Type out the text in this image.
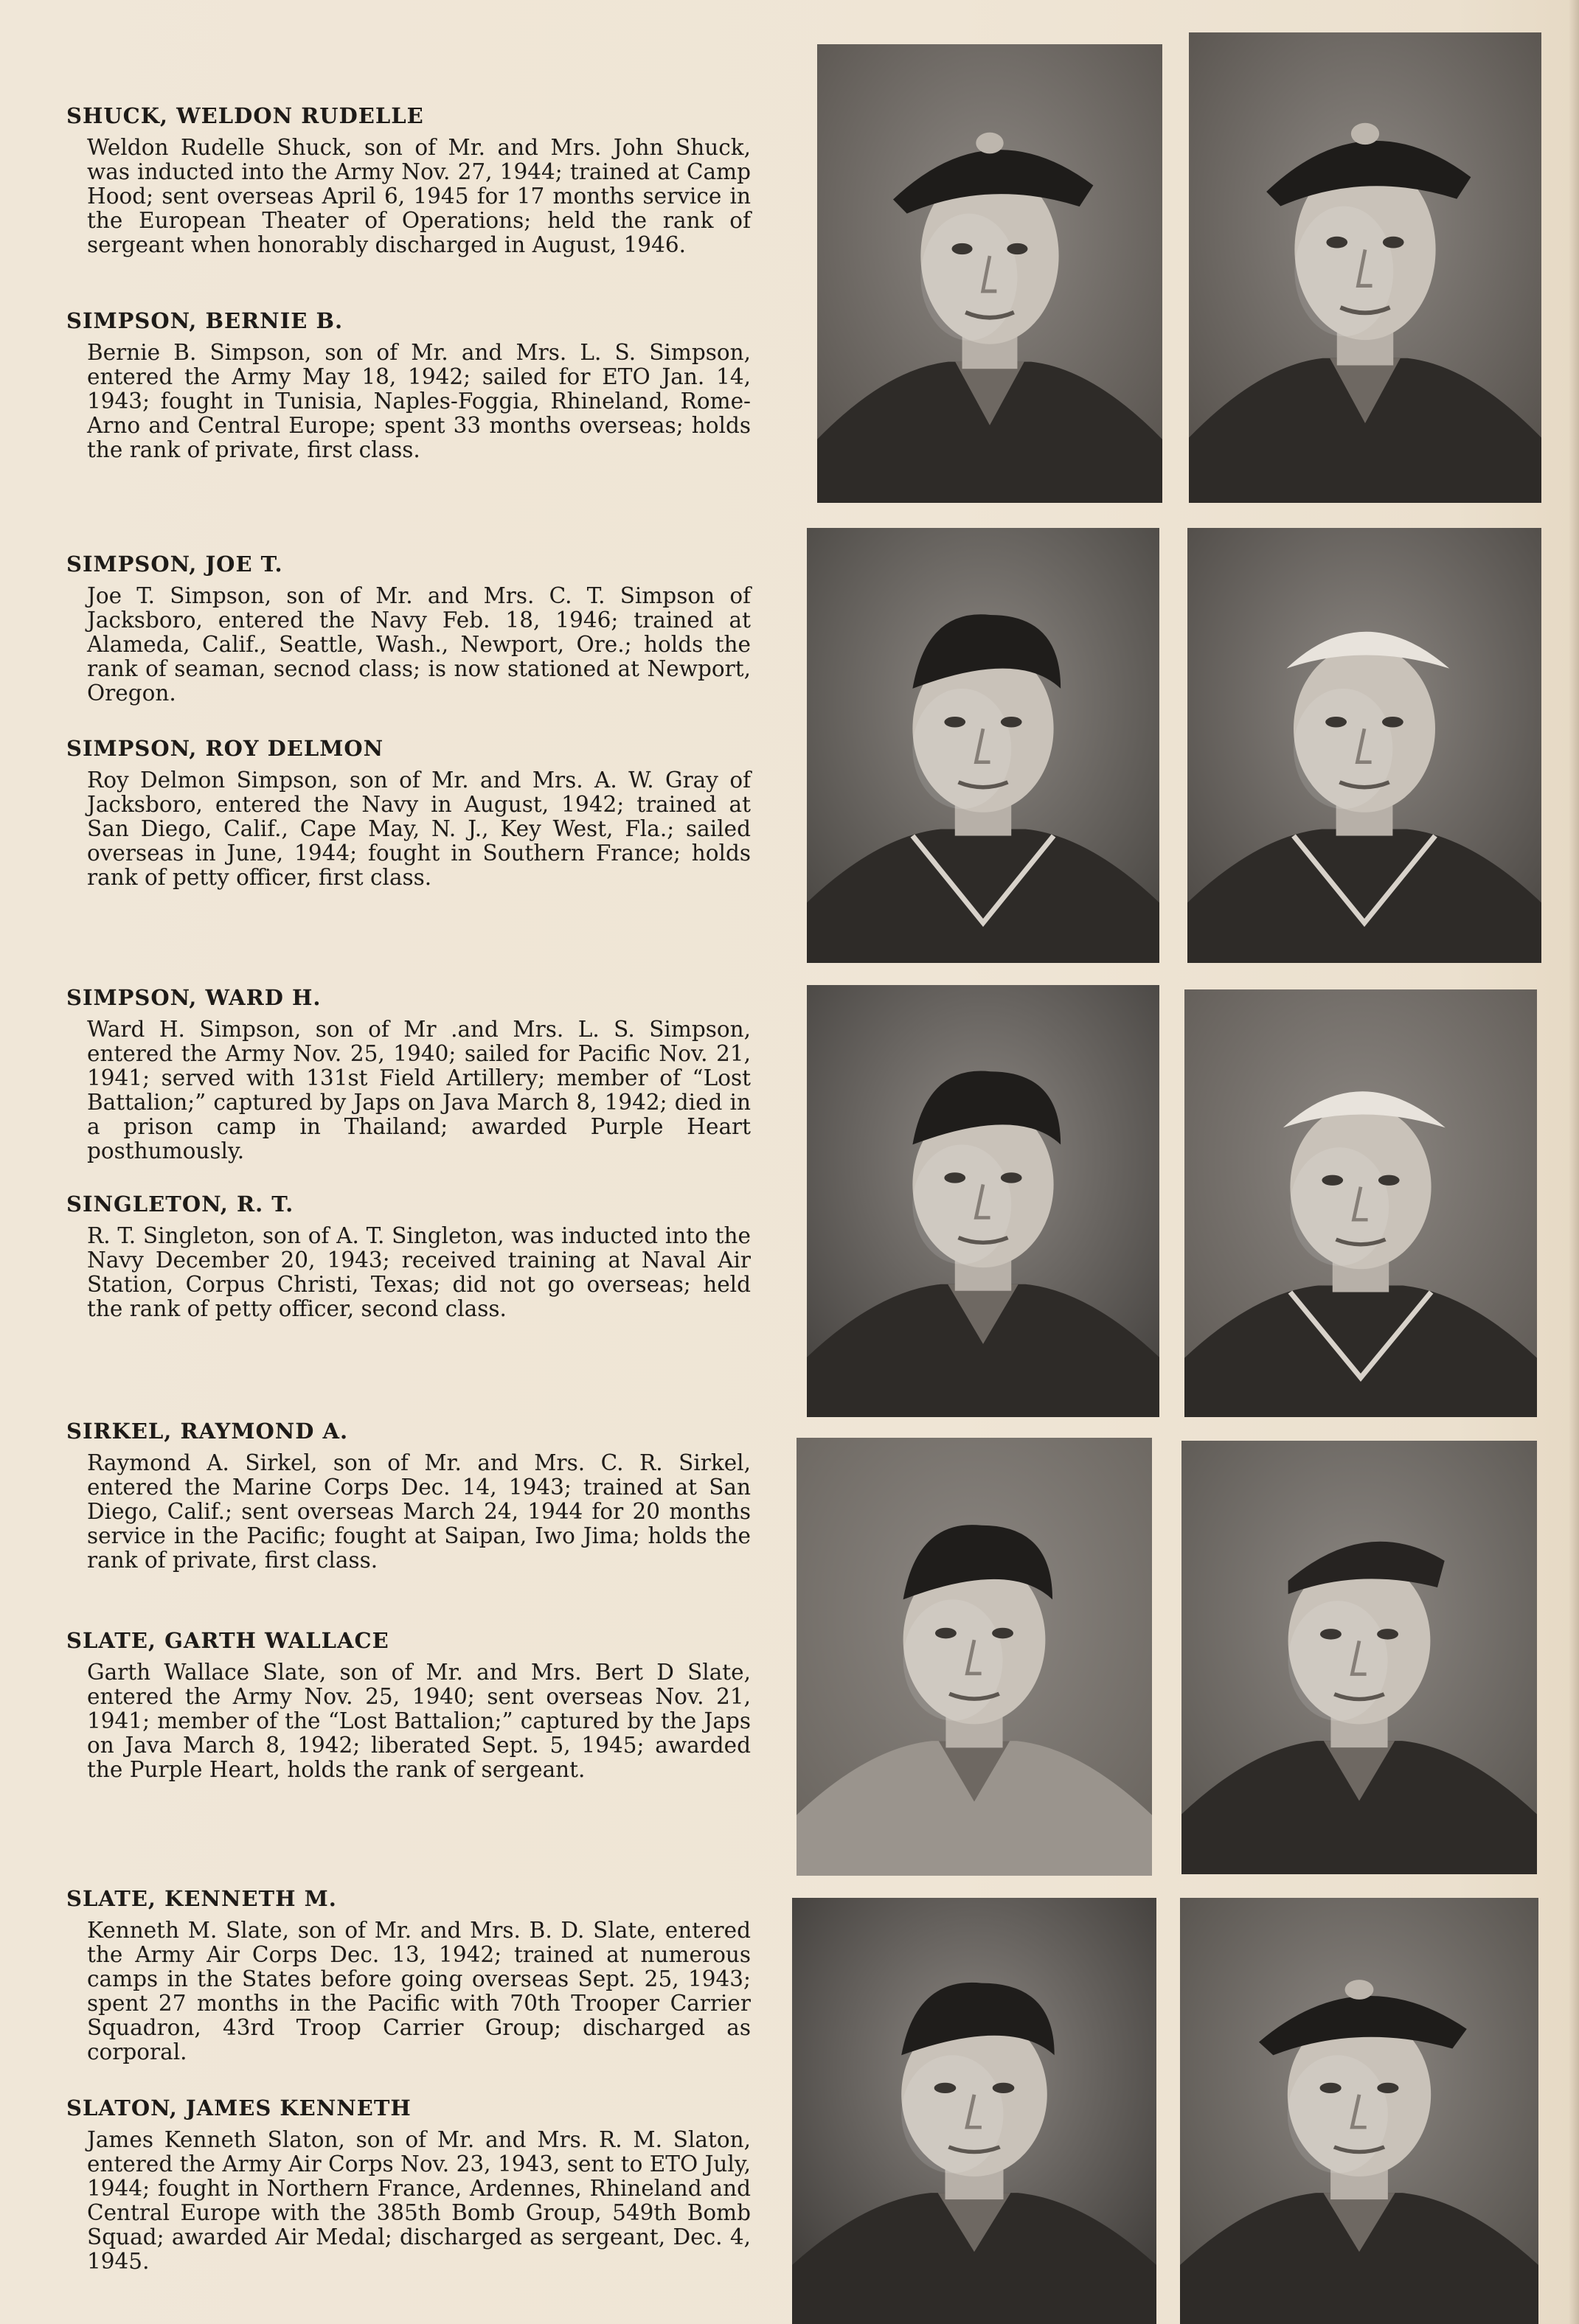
SHUCK, WELDON RUDELLE
Weldon Rudelle Shuck, son of Mr. and Mrs. John Shuck, was inducted into the Army Nov. 27, 1944; trained at Camp Hood; sent overseas April 6, 1945 for 17 months service in the European Theater of Operations; held the rank of sergeant when honorably discharged in August, 1946.
SIMPSON, BERNIE B.
Bernie B. Simpson, son of Mr. and Mrs. L. S. Simpson, entered the Army May 18, 1942; sailed for ETO Jan. 14, 1943; fought in Tunisia, Naples-Foggia, Rhineland, Rome-Arno and Central Europe; spent 33 months overseas; holds the rank of private, first class.
SIMPSON, JOE T.
Joe T. Simpson, son of Mr. and Mrs. C. T. Simpson of Jacksboro, entered the Navy Feb. 18, 1946; trained at Alameda, Calif., Seattle, Wash., Newport, Ore.; holds the rank of seaman, secnod class; is now stationed at Newport, Oregon.
SIMPSON, ROY DELMON
Roy Delmon Simpson, son of Mr. and Mrs. A. W. Gray of Jacksboro, entered the Navy in August, 1942; trained at San Diego, Calif., Cape May, N. J., Key West, Fla.; sailed overseas in June, 1944; fought in Southern France; holds rank of petty officer, first class.
SIMPSON, WARD H.
Ward H. Simpson, son of Mr .and Mrs. L. S. Simpson, entered the Army Nov. 25, 1940; sailed for Pacific Nov. 21, 1941; served with 131st Field Artillery; member of “Lost Battalion;” captured by Japs on Java March 8, 1942; died in a prison camp in Thailand; awarded Purple Heart posthumously.
SINGLETON, R. T.
R. T. Singleton, son of A. T. Singleton, was inducted into the Navy December 20, 1943; received training at Naval Air Station, Corpus Christi, Texas; did not go overseas; held the rank of petty officer, second class.
SIRKEL, RAYMOND A.
Raymond A. Sirkel, son of Mr. and Mrs. C. R. Sirkel, entered the Marine Corps Dec. 14, 1943; trained at San Diego, Calif.; sent overseas March 24, 1944 for 20 months service in the Pacific; fought at Saipan, Iwo Jima; holds the rank of private, first class.
SLATE, GARTH WALLACE
Garth Wallace Slate, son of Mr. and Mrs. Bert D Slate, entered the Army Nov. 25, 1940; sent overseas Nov. 21, 1941; member of the “Lost Battalion;” captured by the Japs on Java March 8, 1942; liberated Sept. 5, 1945; awarded the Purple Heart, holds the rank of sergeant.
SLATE, KENNETH M.
Kenneth M. Slate, son of Mr. and Mrs. B. D. Slate, entered the Army Air Corps Dec. 13, 1942; trained at numerous camps in the States before going overseas Sept. 25, 1943; spent 27 months in the Pacific with 70th Trooper Carrier Squadron, 43rd Troop Carrier Group; discharged as corporal.
SLATON, JAMES KENNETH
James Kenneth Slaton, son of Mr. and Mrs. R. M. Slaton, entered the Army Air Corps Nov. 23, 1943, sent to ETO July, 1944; fought in Northern France, Ardennes, Rhineland and Central Europe with the 385th Bomb Group, 549th Bomb Squad; awarded Air Medal; discharged as sergeant, Dec. 4, 1945.
